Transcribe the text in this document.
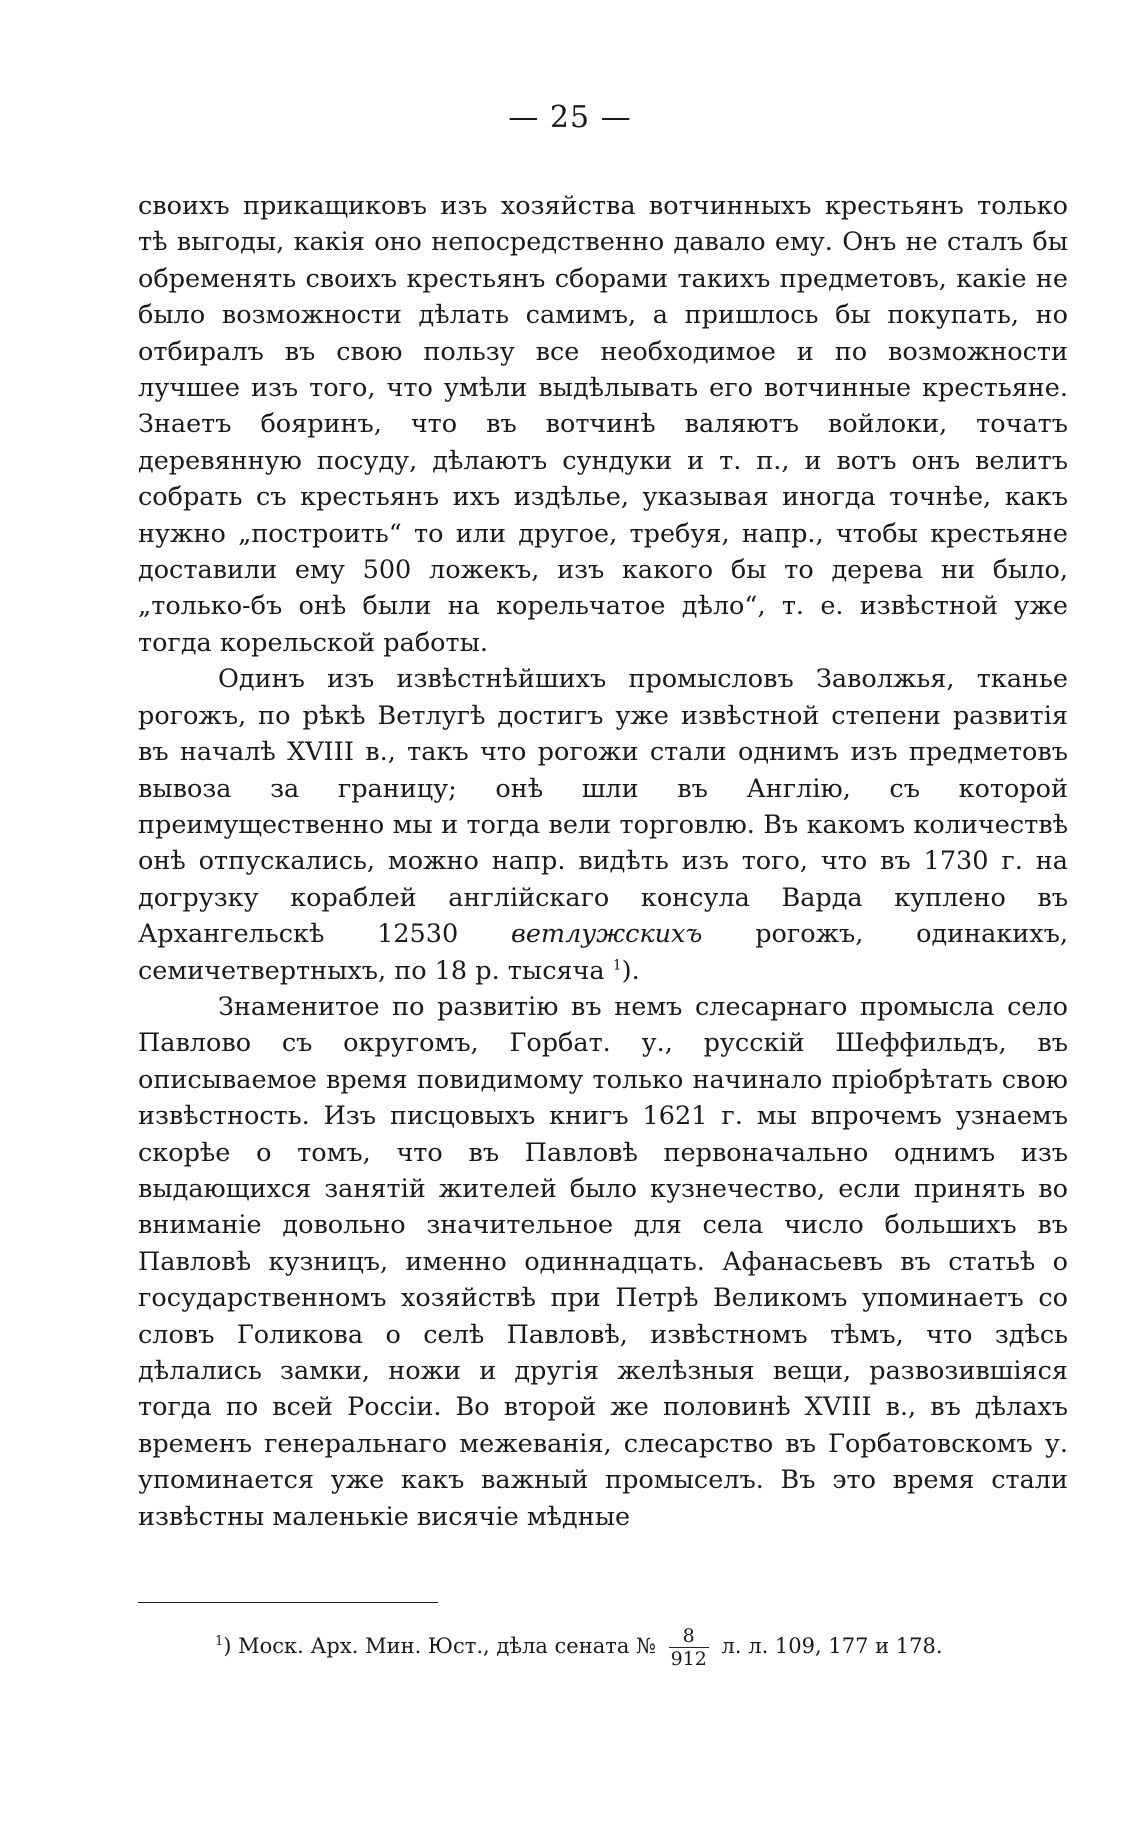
— 25 —

своихъ прикащиковъ изъ хозяйства вотчинныхъ крестьянъ только тѣ выгоды, какія оно непосредственно давало ему. Онъ не сталъ бы обременять своихъ крестьянъ сборами такихъ предметовъ, какіе не было возможности дѣлать самимъ, а пришлось бы покупать, но отбиралъ въ свою пользу все необходимое и по возможности лучшее изъ того, что умѣли выдѣлывать его вотчинные крестьяне. Знаетъ бояринъ, что въ вотчинѣ валяютъ войлоки, точатъ деревянную посуду, дѣлаютъ сундуки и т. п., и вотъ онъ велитъ собрать съ крестьянъ ихъ издѣлье, указывая иногда точнѣе, какъ нужно „построить“ то или другое, требуя, напр., чтобы крестьяне доставили ему 500 ложекъ, изъ какого бы то дерева ни было, „только-бъ онѣ были на корельчатое дѣло“, т. е. извѣстной уже тогда корельской работы.

Одинъ изъ извѣстнѣйшихъ промысловъ Заволжья, тканье рогожъ, по рѣкѣ Ветлугѣ достигъ уже извѣстной степени развитія въ началѣ XVIII в., такъ что рогожи стали однимъ изъ предметовъ вывоза за границу; онѣ шли въ Англію, съ которой преимущественно мы и тогда вели торговлю. Въ какомъ количествѣ онѣ отпускались, можно напр. видѣть изъ того, что въ 1730 г. на догрузку кораблей англійскаго консула Варда куплено въ Архангельскѣ 12530 ветлужскихъ рогожъ, одинакихъ, семичетвертныхъ, по 18 р. тысяча $^1$).

Знаменитое по развитію въ немъ слесарнаго промысла село Павлово съ округомъ, Горбат. у., русскій Шеффильдъ, въ описываемое время повидимому только начинало пріобрѣтать свою извѣстность. Изъ писцовыхъ книгъ 1621 г. мы впрочемъ узнаемъ скорѣе о томъ, что въ Павловѣ первоначально однимъ изъ выдающихся занятій жителей было кузнечество, если принять во вниманіе довольно значительное для села число большихъ въ Павловѣ кузницъ, именно одиннадцать. Афанасьевъ въ статьѣ о государственномъ хозяйствѣ при Петрѣ Великомъ упоминаетъ со словъ Голикова о селѣ Павловѣ, извѣстномъ тѣмъ, что здѣсь дѣлались замки, ножи и другія желѣзныя вещи, развозившіяся тогда по всей Россіи. Во второй же половинѣ XVIII в., въ дѣлахъ временъ генеральнаго межеванія, слесарство въ Горбатовскомъ у. упоминается уже какъ важный промыселъ. Въ это время стали извѣстны маленькіе висячіе мѣдные

$^1$) Моск. Арх. Мин. Юст., дѣла сената № $\frac{8}{912} л$. л. 109, 177 и 178.
